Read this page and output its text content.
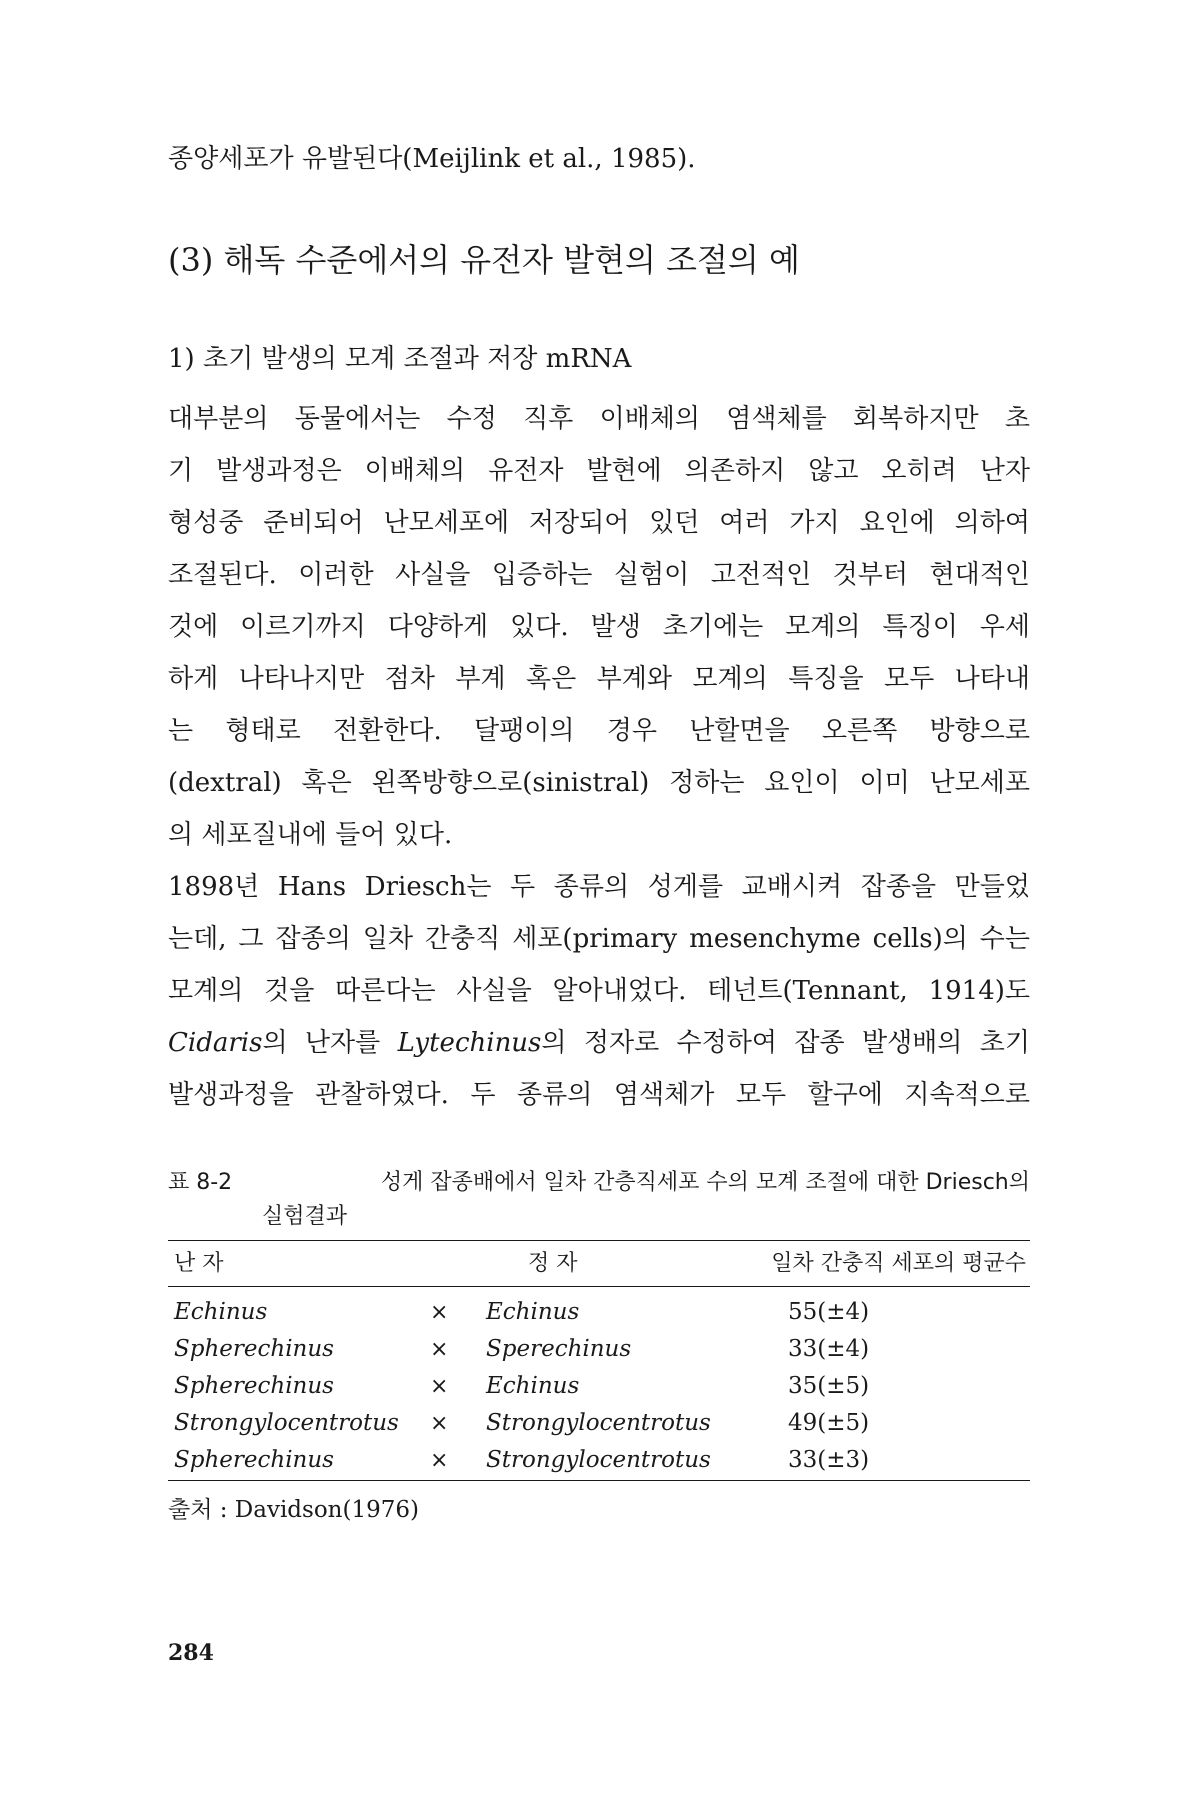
종양세포가 유발된다(Meijlink et al., 1985).
(3) 해독 수준에서의 유전자 발현의 조절의 예
1) 초기 발생의 모계 조절과 저장 mRNA
대부분의 동물에서는 수정 직후 이배체의 염색체를 회복하지만 초
기 발생과정은 이배체의 유전자 발현에 의존하지 않고 오히려 난자
형성중 준비되어 난모세포에 저장되어 있던 여러 가지 요인에 의하여
조절된다. 이러한 사실을 입증하는 실험이 고전적인 것부터 현대적인
것에 이르기까지 다양하게 있다. 발생 초기에는 모계의 특징이 우세
하게 나타나지만 점차 부계 혹은 부계와 모계의 특징을 모두 나타내
는 형태로 전환한다. 달팽이의 경우 난할면을 오른쪽 방향으로
(dextral) 혹은 왼쪽방향으로(sinistral) 정하는 요인이 이미 난모세포
의 세포질내에 들어 있다.
1898년 Hans Driesch는 두 종류의 성게를 교배시켜 잡종을 만들었
는데, 그 잡종의 일차 간충직 세포(primary mesenchyme cells)의 수는
모계의 것을 따른다는 사실을 알아내었다. 테넌트(Tennant, 1914)도
Cidaris의 난자를 Lytechinus의 정자로 수정하여 잡종 발생배의 초기
발생과정을 관찰하였다. 두 종류의 염색체가 모두 할구에 지속적으로
표 8-2	성게 잡종배에서 일차 간층직세포 수의 모계 조절에 대한 Driesch의
실험결과
난 자	정 자	일차 간충직 세포의 평균수
Echinus	× Echinus	55(±4)
Spherechinus	× Sperechinus	33(±4)
Spherechinus	× Echinus	35(±5)
Strongylocentrotus × Strongylocentrotus	49(±5)
Spherechinus	× Strongylocentrotus	33(±3)
출처 : Davidson(1976)
284
